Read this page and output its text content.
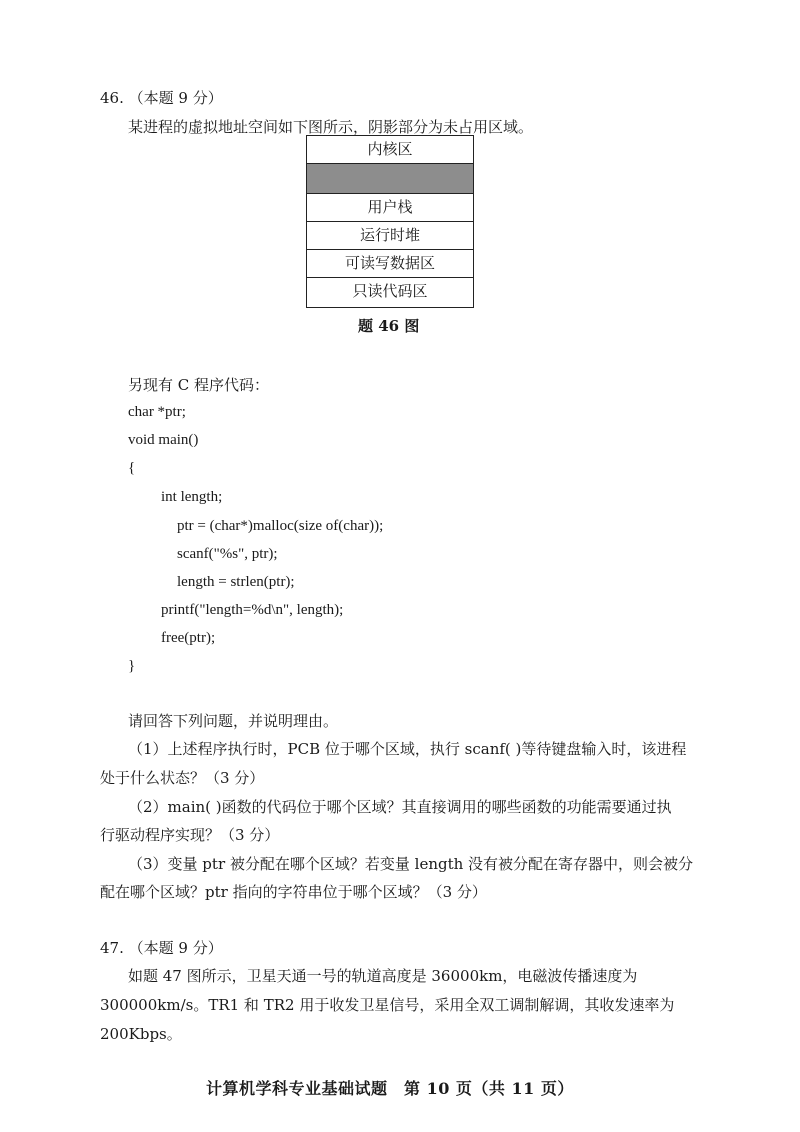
46. （本题 9 分）
某进程的虚拟地址空间如下图所示，阴影部分为未占用区域。
内核区
用户栈
运行时堆
可读写数据区
只读代码区
题 46 图
另现有 C 程序代码：
char *ptr;
void main()
{
int length;
ptr = (char*)malloc(size of(char));
scanf("%s", ptr);
length = strlen(ptr);
printf("length=%d\n", length);
free(ptr);
}
请回答下列问题，并说明理由。
（1）上述程序执行时，PCB 位于哪个区域，执行 scanf( )等待键盘输入时，该进程
处于什么状态？（3 分）
（2）main( )函数的代码位于哪个区域？其直接调用的哪些函数的功能需要通过执
行驱动程序实现？（3 分）
（3）变量 ptr 被分配在哪个区域？若变量 length 没有被分配在寄存器中，则会被分
配在哪个区域？ptr 指向的字符串位于哪个区域？（3 分）
47. （本题 9 分）
如题 47 图所示，卫星天通一号的轨道高度是 36000km，电磁波传播速度为
300000km/s。TR1 和 TR2 用于收发卫星信号，采用全双工调制解调，其收发速率为
200Kbps。
计算机学科专业基础试题　第 10 页（共 11 页）
